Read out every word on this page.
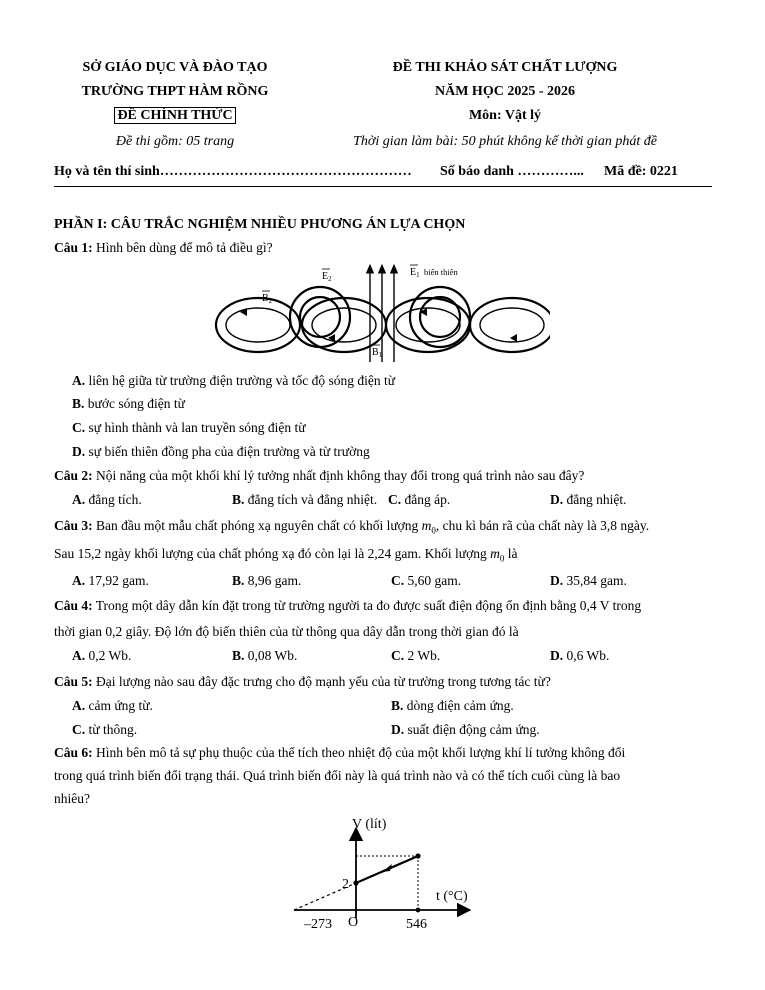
SỞ GIÁO DỤC VÀ ĐÀO TẠO
TRƯỜNG THPT HÀM RỒNG
ĐỀ CHÍNH THỨC
Đề thi gồm: 05 trang
ĐỀ THI KHẢO SÁT CHẤT LƯỢNG
NĂM HỌC 2025 - 2026
Môn: Vật lý
Thời gian làm bài: 50 phút không kể thời gian phát đề
Họ và tên thí sinh……………………………………………… Số báo danh …………... Mã đề: 0221
PHẦN I: CÂU TRẮC NGHIỆM NHIỀU PHƯƠNG ÁN LỰA CHỌN
Câu 1: Hình bên dùng để mô tả điều gì?
$E_2$
$E_1$ biến thiên
$B_2$
$B_1$
A. liên hệ giữa từ trường điện trường và tốc độ sóng điện từ
B. bước sóng điện từ
C. sự hình thành và lan truyền sóng điện từ
D. sự biến thiên đồng pha của điện trường và từ trường
Câu 2: Nội năng của một khối khí lý tưởng nhất định không thay đổi trong quá trình nào sau đây?
A. đẳng tích.	B. đẳng tích và đẳng nhiệt. C. đẳng áp.	D. đẳng nhiệt.
Câu 3: Ban đầu một mẫu chất phóng xạ nguyên chất có khối lượng $m_0$, chu kì bán rã của chất này là 3,8 ngày.
Sau 15,2 ngày khối lượng của chất phóng xạ đó còn lại là 2,24 gam. Khối lượng $m_0$ là
A. 17,92 gam.	B. 8,96 gam.	C. 5,60 gam.	D. 35,84 gam.
Câu 4: Trong một dây dẫn kín đặt trong từ trường người ta đo được suất điện động ổn định bằng 0,4 V trong
thời gian 0,2 giây. Độ lớn độ biến thiên của từ thông qua dây dẫn trong thời gian đó là
A. 0,2 Wb.	B. 0,08 Wb.	C. 2 Wb.	D. 0,6 Wb.
Câu 5: Đại lượng nào sau đây đặc trưng cho độ mạnh yếu của từ trường trong tương tác từ?
A. cảm ứng từ.	B. dòng điện cảm ứng.
C. từ thông.	D. suất điện động cảm ứng.
Câu 6: Hình bên mô tả sự phụ thuộc của thể tích theo nhiệt độ của một khối lượng khí lí tưởng không đổi
trong quá trình biến đổi trạng thái. Quá trình biến đổi này là quá trình nào và có thể tích cuối cùng là bao
nhiêu?
V (lít)
t (°C)
2
–273 O	546
